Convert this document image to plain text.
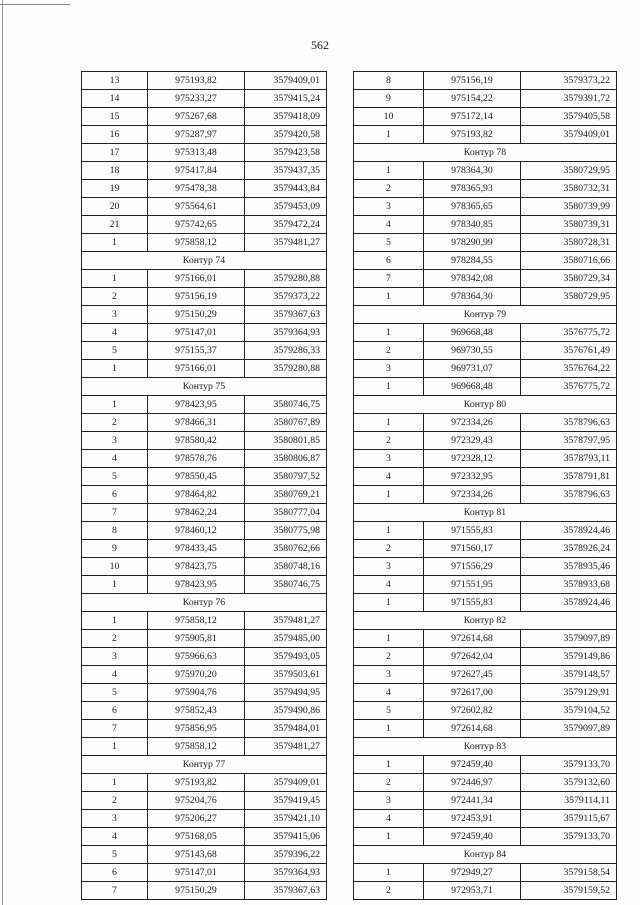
562
13	975193,82	3579409,01
14	975233,27	3579415,24
15	975267,68	3579418,09
16	975287,97	3579420,58
17	975313,48	3579423,58
18	975417,84	3579437,35
19	975478,38	3579443,84
20	975564,61	3579453,09
21	975742,65	3579472,24
1	975858,12	3579481,27
Контур 74		
1	975166,01	3579280,88
2	975156,19	3579373,22
3	975150,29	3579367,63
4	975147,01	3579364,93
5	975155,37	3579286,33
1	975166,01	3579280,88
Контур 75		
1	978423,95	3580746,75
2	978466,31	3580767,89
3	978580,42	3580801,85
4	978578,76	3580806,87
5	978550,45	3580797,52
6	978464,82	3580769,21
7	978462,24	3580777,04
8	978460,12	3580775,98
9	978433,45	3580762,66
10	978423,75	3580748,16
1	978423,95	3580746,75
Контур 76		
1	975858,12	3579481,27
2	975905,81	3579485,00
3	975966,63	3579493,05
4	975970,20	3579503,61
5	975904,76	3579494,95
6	975852,43	3579490,86
7	975856,95	3579484,01
1	975858,12	3579481,27
Контур 77		
1	975193,82	3579409,01
2	975204,76	3579419,45
3	975206,27	3579421,10
4	975168,05	3579415,06
5	975143,68	3579396,22
6	975147,01	3579364,93
7	975150,29	3579367,63
8	975156,19	3579373,22
9	975154,22	3579391,72
10	975172,14	3579405,58
1	975193,82	3579409,01
Контур 78		
1	978364,30	3580729,95
2	978365,93	3580732,31
3	978365,65	3580739,99
4	978340,85	3580739,31
5	978290,99	3580728,31
6	978284,55	3580716,66
7	978342,08	3580729,34
1	978364,30	3580729,95
Контур 79		
1	969668,48	3576775,72
2	969730,55	3576761,49
3	969731,07	3576764,22
1	969668,48	3576775,72
Контур 80		
1	972334,26	3578796,63
2	972329,43	3578797,95
3	972328,12	3578793,11
4	972332,95	3578791,81
1	972334,26	3578796,63
Контур 81		
1	971555,83	3578924,46
2	971560,17	3578926,24
3	971556,29	3578935,46
4	971551,95	3578933,68
1	971555,83	3578924,46
Контур 82		
1	972614,68	3579097,89
2	972642,04	3579149,86
3	972627,45	3579148,57
4	972617,00	3579129,91
5	972602,82	3579104,52
1	972614,68	3579097,89
Контур 83		
1	972459,40	3579133,70
2	972446,97	3579132,60
3	972441,34	3579114,11
4	972453,91	3579115,67
1	972459,40	3579133,70
Контур 84		
1	972949,27	3579158,54
2	972953,71	3579159,52
